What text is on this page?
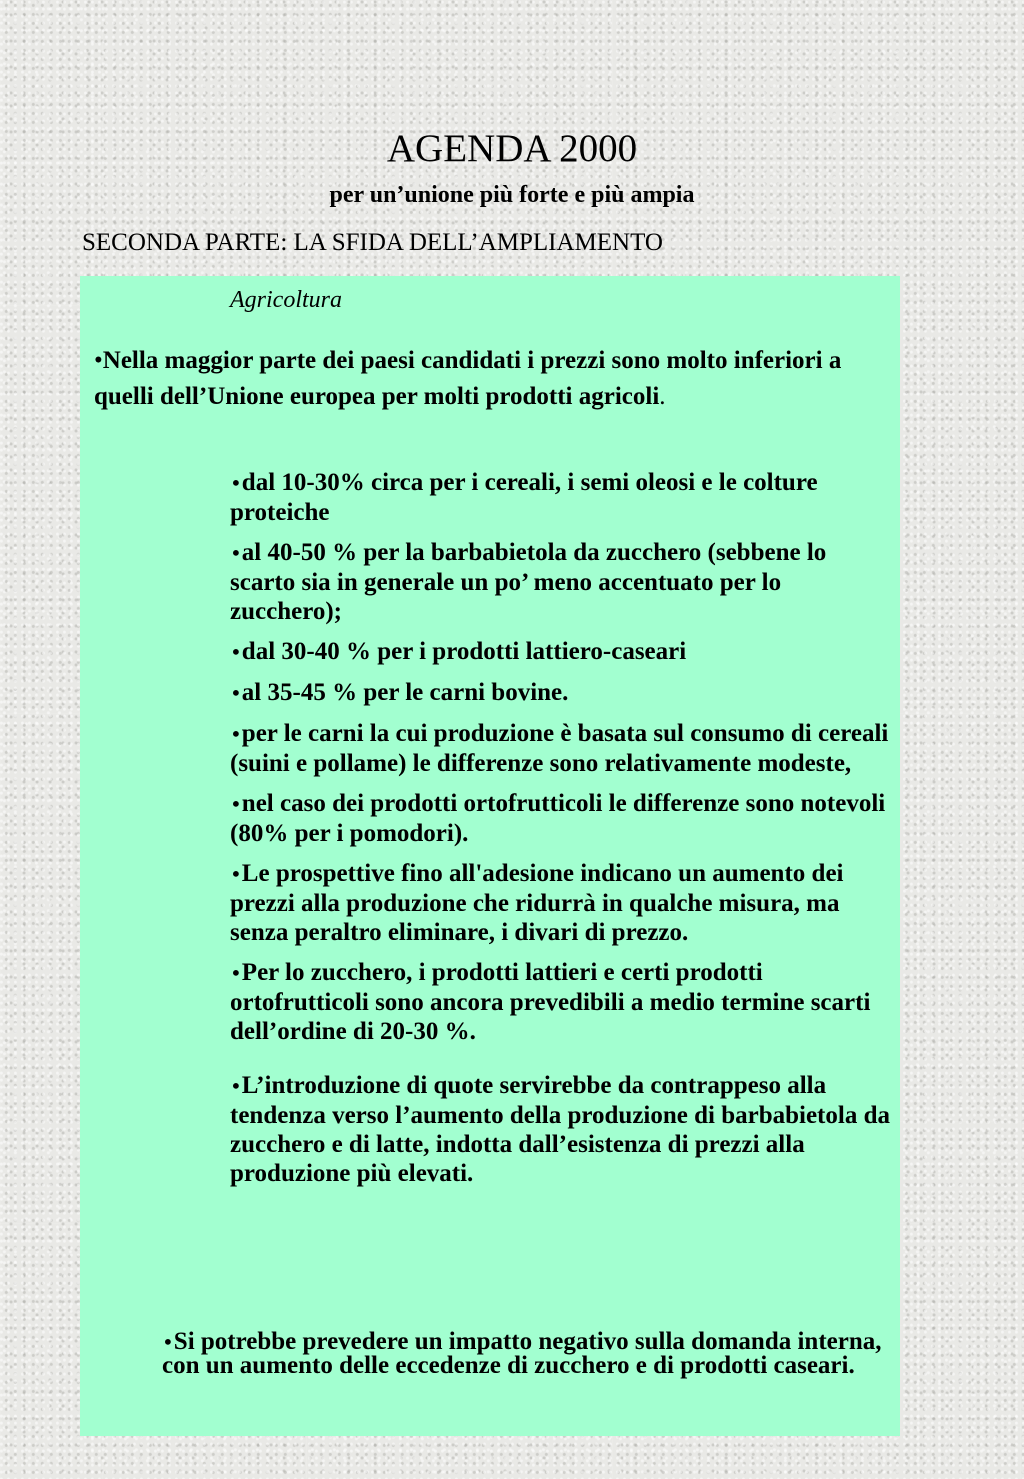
AGENDA 2000
per un’unione più forte e più ampia
SECONDA PARTE: LA SFIDA DELL’AMPLIAMENTO
Agricoltura
•Nella maggior parte dei paesi candidati i prezzi sono molto inferiori a quelli dell’Unione europea per molti prodotti agricoli.
•dal 10-30% circa per i cereali, i semi oleosi e le colture proteiche
•al 40-50 % per la barbabietola da zucchero (sebbene lo scarto sia in generale un po’ meno accentuato per lo zucchero);
•dal 30-40 % per i prodotti lattiero-caseari
•al 35-45 % per le carni bovine.
•per le carni la cui produzione è basata sul consumo di cereali (suini e pollame) le differenze sono relativamente modeste,
•nel caso dei prodotti ortofrutticoli le differenze sono notevoli (80% per i pomodori).
•Le prospettive fino all'adesione indicano un aumento dei prezzi alla produzione che ridurrà in qualche misura, ma senza peraltro eliminare, i divari di prezzo.
•Per lo zucchero, i prodotti lattieri e certi prodotti ortofrutticoli sono ancora prevedibili a medio termine scarti dell’ordine di 20-30 %.
•L’introduzione di quote servirebbe da contrappeso alla tendenza verso l’aumento della produzione di barbabietola da zucchero e di latte, indotta dall’esistenza di prezzi alla produzione più elevati.
•Si potrebbe prevedere un impatto negativo sulla domanda interna, con un aumento delle eccedenze di zucchero e di prodotti caseari.
